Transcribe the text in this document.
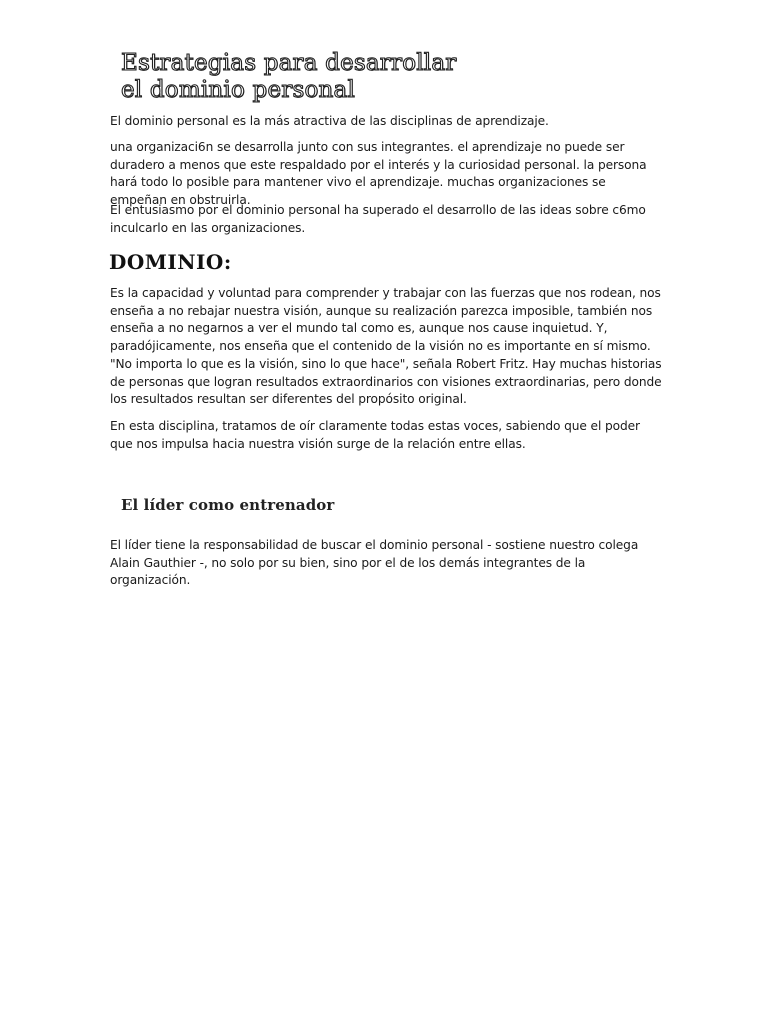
Estrategias para desarrollar
el dominio personal

El dominio personal es la más atractiva de las disciplinas de aprendizaje.

una organizaci6n se desarrolla junto con sus integrantes. el aprendizaje no puede ser duradero a menos que este respaldado por el interés y la curiosidad personal. la persona hará todo lo posible para mantener vivo el aprendizaje. muchas organizaciones se empeñan en obstruirla.

El entusiasmo por el dominio personal ha superado el desarrollo de las ideas sobre c6mo inculcarlo en las organizaciones.

DOMINIO:

Es la capacidad y voluntad para comprender y trabajar con las fuerzas que nos rodean, nos enseña a no rebajar nuestra visión, aunque su realización parezca imposible, también nos enseña a no negarnos a ver el mundo tal como es, aunque nos cause inquietud. Y, paradójicamente, nos enseña que el contenido de la visión no es importante en sí mismo. "No importa lo que es la visión, sino lo que hace", señala Robert Fritz. Hay muchas historias de personas que logran resultados extraordinarios con visiones extraordinarias, pero donde los resultados resultan ser diferentes del propósito original.

En esta disciplina, tratamos de oír claramente todas estas voces, sabiendo que el poder que nos impulsa hacia nuestra visión surge de la relación entre ellas.

El líder como entrenador

El líder tiene la responsabilidad de buscar el dominio personal - sostiene nuestro colega Alain Gauthier -, no solo por su bien, sino por el de los demás integrantes de la organización.
